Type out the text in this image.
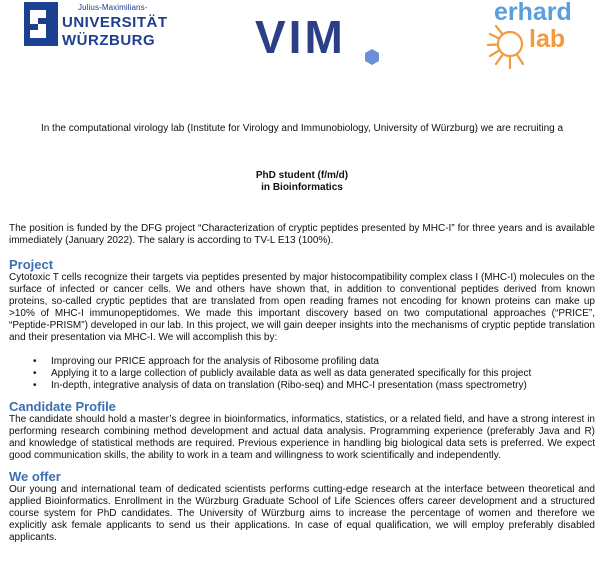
Julius-Maximilians-
UNIVERSITÄT
WÜRZBURG VIM	erhard
lab

In the computational virology lab (Institute for Virology and Immunobiology, University of Würzburg) we are recruiting a

PhD student (f/m/d)
in Bioinformatics

The position is funded by the DFG project “Characterization of cryptic peptides presented by MHC-I” for three years and is available immediately (January 2022). The salary is according to TV-L E13 (100%).

Project

Cytotoxic T cells recognize their targets via peptides presented by major histocompatibility complex class I (MHC-I) molecules on the surface of infected or cancer cells. We and others have shown that, in addition to conventional peptides derived from known proteins, so-called cryptic peptides that are translated from open reading frames not encoding for known proteins can make up >10% of MHC-I immunopeptidomes. We made this important discovery based on two computational approaches (“PRICE”, “Peptide-PRISM”) developed in our lab. In this project, we will gain deeper insights into the mechanisms of cryptic peptide translation and their presentation via MHC-I. We will accomplish this by:

• Improving our PRICE approach for the analysis of Ribosome profiling data
• Applying it to a large collection of publicly available data as well as data generated specifically for this project
• In-depth, integrative analysis of data on translation (Ribo-seq) and MHC-I presentation (mass spectrometry)
Candidate Profile

The candidate should hold a master’s degree in bioinformatics, informatics, statistics, or a related field, and have a strong interest in performing research combining method development and actual data analysis. Programming experience (preferably Java and R) and knowledge of statistical methods are required. Previous experience in handling big biological data sets is preferred. We expect good communication skills, the ability to work in a team and willingness to work scientifically and independently.

We offer

Our young and international team of dedicated scientists performs cutting-edge research at the interface between theoretical and applied Bioinformatics. Enrollment in the Würzburg Graduate School of Life Sciences offers career development and a structured course system for PhD candidates. The University of Würzburg aims to increase the percentage of women and therefore we explicitly ask female applicants to send us their applications. In case of equal qualification, we will employ preferably disabled applicants.
